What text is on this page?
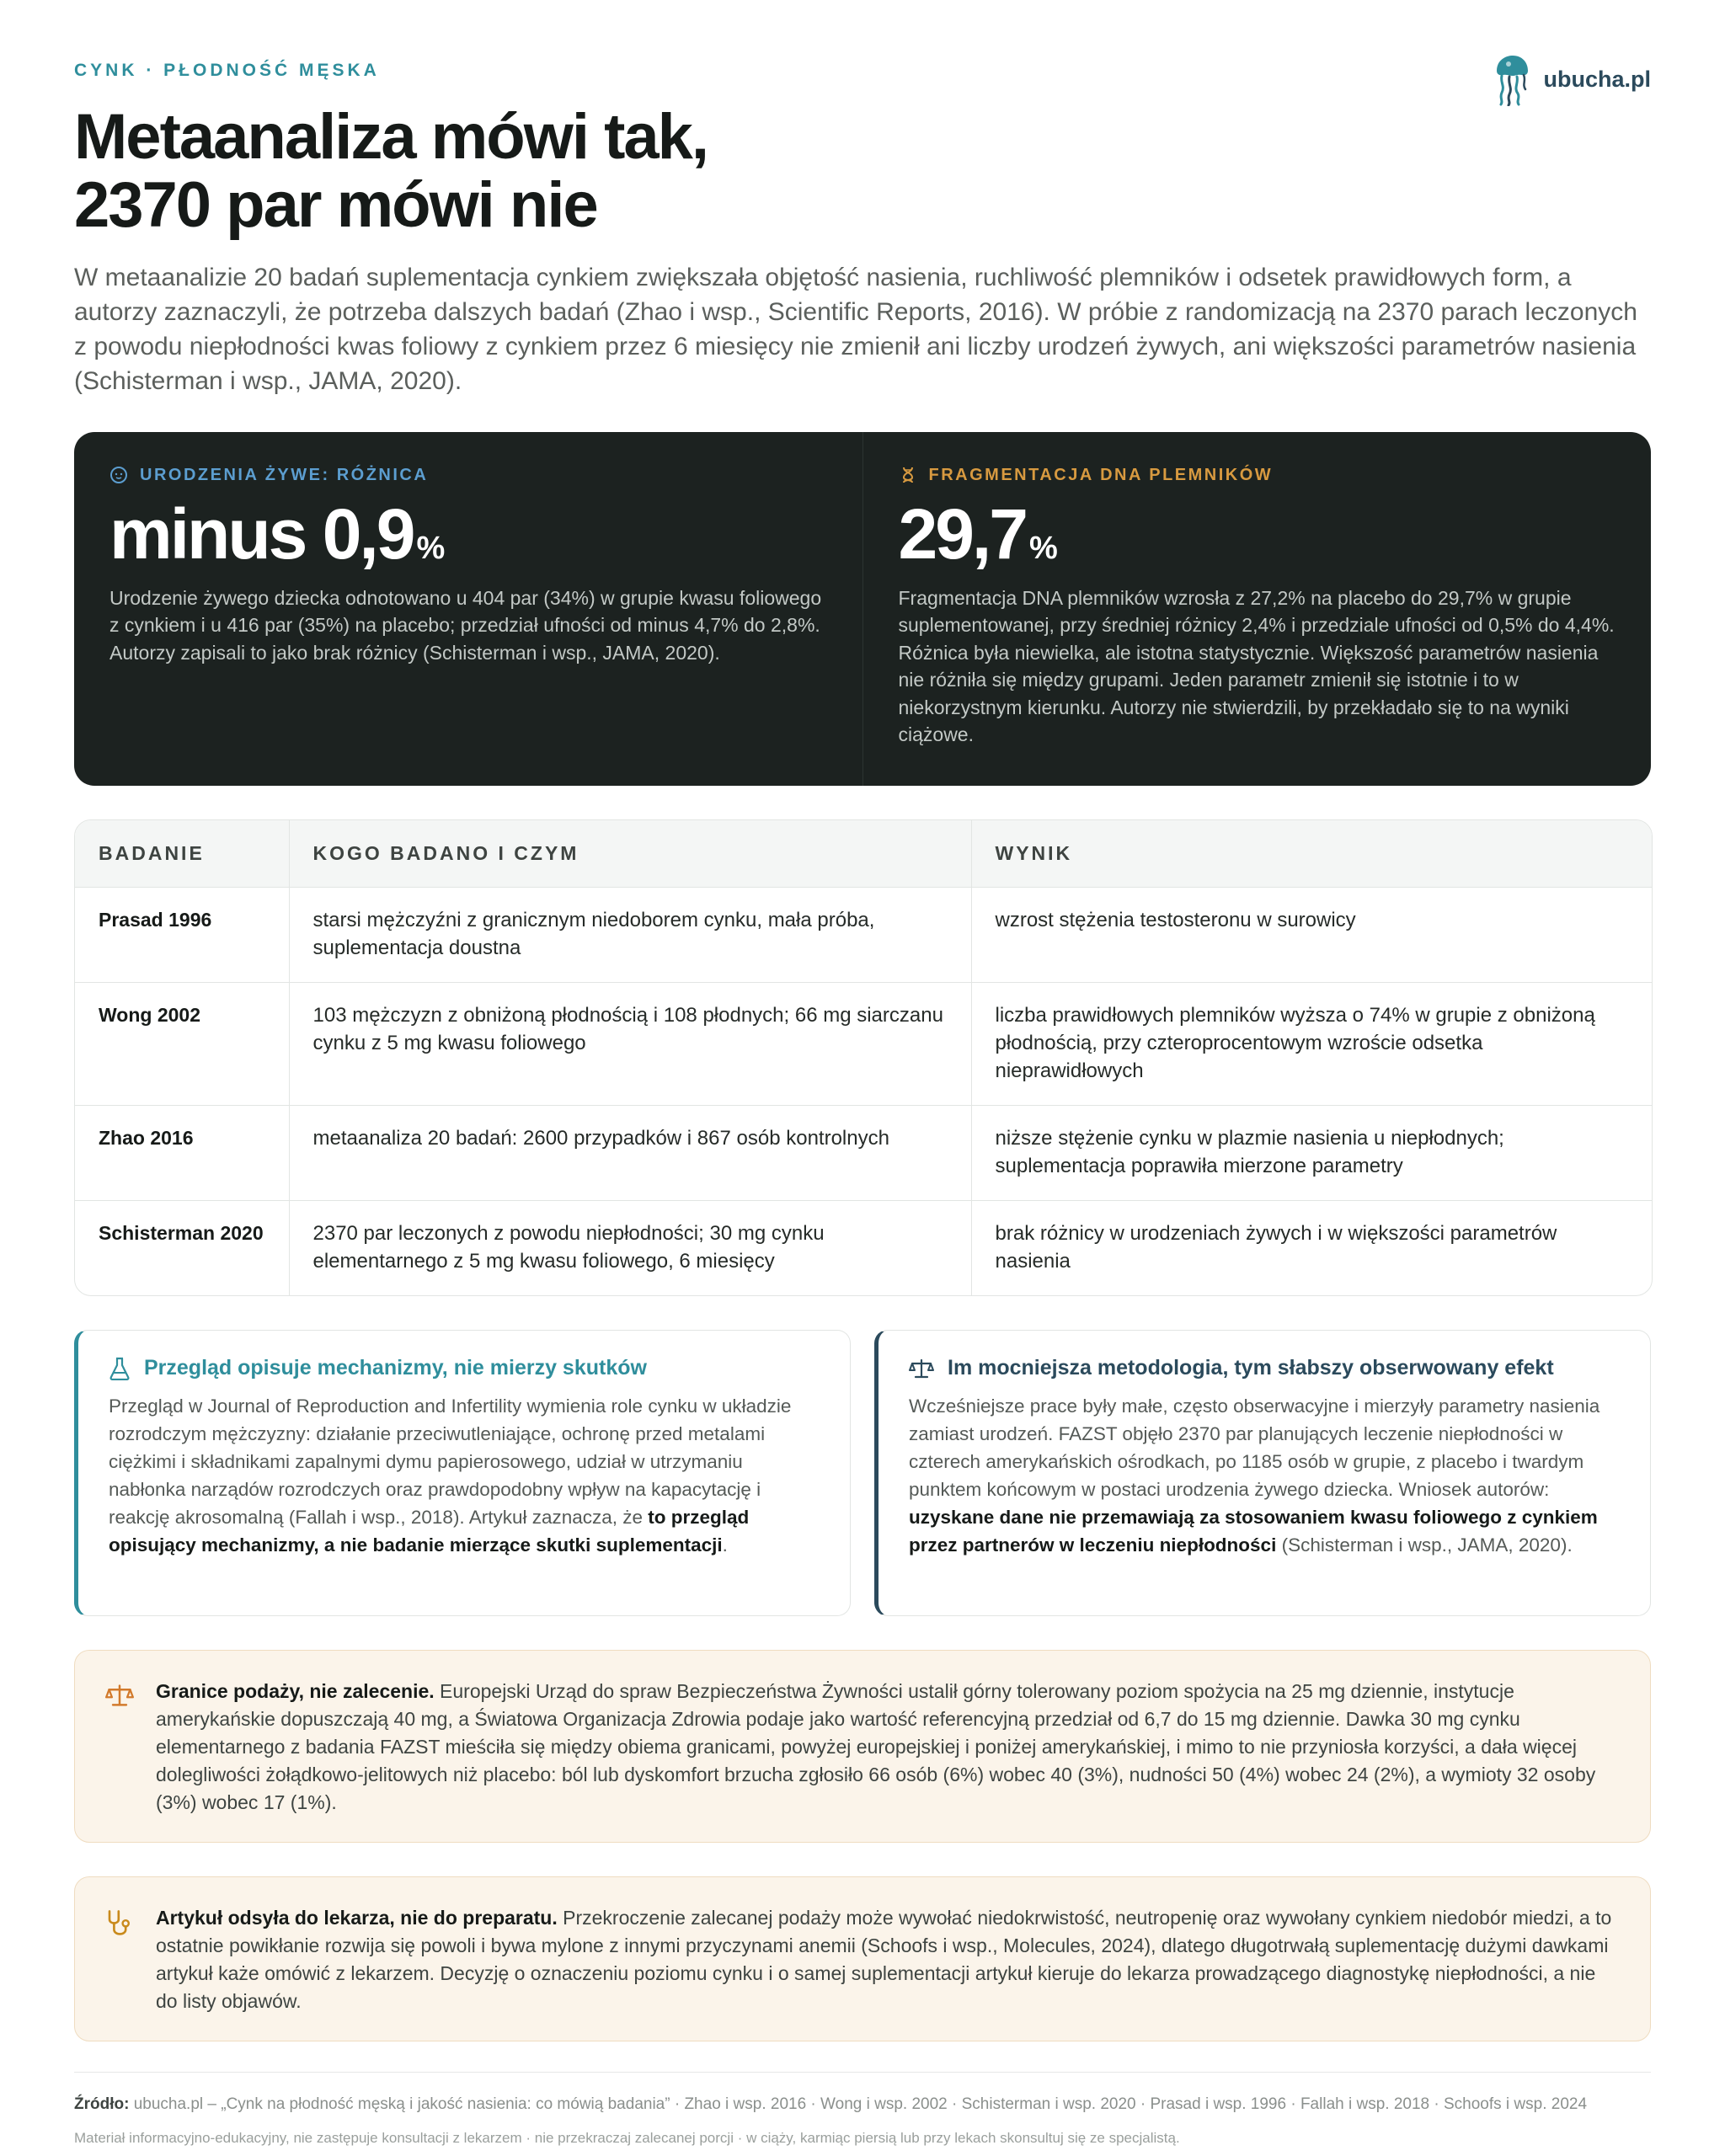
ubucha.pl

CYNK · PŁODNOŚĆ MĘSKA

Metaanaliza mówi tak,
2370 par mówi nie

W metaanalizie 20 badań suplementacja cynkiem zwiększała objętość nasienia, ruchliwość plemników i odsetek prawidłowych form, a autorzy zaznaczyli, że potrzeba dalszych badań (Zhao i wsp., Scientific Reports, 2016). W próbie z randomizacją na 2370 parach leczonych z powodu niepłodności kwas foliowy z cynkiem przez 6 miesięcy nie zmienił ani liczby urodzeń żywych, ani większości parametrów nasienia (Schisterman i wsp., JAMA, 2020).

URODZENIA ŻYWE: RÓŻNICA
minus 0,9 %
Urodzenie żywego dziecka odnotowano u 404 par (34%) w grupie kwasu foliowego z cynkiem i u 416 par (35%) na placebo; przedział ufności od minus 4,7% do 2,8%. Autorzy zapisali to jako brak różnicy (Schisterman i wsp., JAMA, 2020).
FRAGMENTACJA DNA PLEMNIKÓW
29,7 %
Fragmentacja DNA plemników wzrosła z 27,2% na placebo do 29,7% w grupie suplementowanej, przy średniej różnicy 2,4% i przedziale ufności od 0,5% do 4,4%. Różnica była niewielka, ale istotna statystycznie. Większość parametrów nasienia nie różniła się między grupami. Jeden parametr zmienił się istotnie i to w niekorzystnym kierunku. Autorzy nie stwierdzili, by przekładało się to na wyniki ciążowe.
BADANIE	KOGO BADANO I CZYM	WYNIK
Prasad 1996	starsi mężczyźni z granicznym niedoborem cynku, mała próba, suplementacja doustna	wzrost stężenia testosteronu w surowicy
Wong 2002	103 mężczyzn z obniżoną płodnością i 108 płodnych; 66 mg siarczanu cynku z 5 mg kwasu foliowego	liczba prawidłowych plemników wyższa o 74% w grupie z obniżoną płodnością, przy czteroprocentowym wzroście odsetka nieprawidłowych
Zhao 2016	metaanaliza 20 badań: 2600 przypadków i 867 osób kontrolnych	niższe stężenie cynku w plazmie nasienia u niepłodnych; suplementacja poprawiła mierzone parametry
Schisterman 2020	2370 par leczonych z powodu niepłodności; 30 mg cynku elementarnego z 5 mg kwasu foliowego, 6 miesięcy	brak różnicy w urodzeniach żywych i w większości parametrów nasienia
Przegląd opisuje mechanizmy, nie mierzy skutków

Przegląd w Journal of Reproduction and Infertility wymienia role cynku w układzie rozrodczym mężczyzny: działanie przeciwutleniające, ochronę przed metalami ciężkimi i składnikami zapalnymi dymu papierosowego, udział w utrzymaniu nabłonka narządów rozrodczych oraz prawdopodobny wpływ na kapacytację i reakcję akrosomalną (Fallah i wsp., 2018). Artykuł zaznacza, że to przegląd opisujący mechanizmy, a nie badanie mierzące skutki suplementacji.

Im mocniejsza metodologia, tym słabszy obserwowany efekt

Wcześniejsze prace były małe, często obserwacyjne i mierzyły parametry nasienia zamiast urodzeń. FAZST objęło 2370 par planujących leczenie niepłodności w czterech amerykańskich ośrodkach, po 1185 osób w grupie, z placebo i twardym punktem końcowym w postaci urodzenia żywego dziecka. Wniosek autorów: uzyskane dane nie przemawiają za stosowaniem kwasu foliowego z cynkiem przez partnerów w leczeniu niepłodności (Schisterman i wsp., JAMA, 2020).

Granice podaży, nie zalecenie. Europejski Urząd do spraw Bezpieczeństwa Żywności ustalił górny tolerowany poziom spożycia na 25 mg dziennie, instytucje amerykańskie dopuszczają 40 mg, a Światowa Organizacja Zdrowia podaje jako wartość referencyjną przedział od 6,7 do 15 mg dziennie. Dawka 30 mg cynku elementarnego z badania FAZST mieściła się między obiema granicami, powyżej europejskiej i poniżej amerykańskiej, i mimo to nie przyniosła korzyści, a dała więcej dolegliwości żołądkowo-jelitowych niż placebo: ból lub dyskomfort brzucha zgłosiło 66 osób (6%) wobec 40 (3%), nudności 50 (4%) wobec 24 (2%), a wymioty 32 osoby (3%) wobec 17 (1%).
Artykuł odsyła do lekarza, nie do preparatu. Przekroczenie zalecanej podaży może wywołać niedokrwistość, neutropenię oraz wywołany cynkiem niedobór miedzi, a to ostatnie powikłanie rozwija się powoli i bywa mylone z innymi przyczynami anemii (Schoofs i wsp., Molecules, 2024), dlatego długotrwałą suplementację dużymi dawkami artykuł każe omówić z lekarzem. Decyzję o oznaczeniu poziomu cynku i o samej suplementacji artykuł kieruje do lekarza prowadzącego diagnostykę niepłodności, a nie do listy objawów.
Źródło: ubucha.pl – „Cynk na płodność męską i jakość nasienia: co mówią badania” · Zhao i wsp. 2016 · Wong i wsp. 2002 · Schisterman i wsp. 2020 · Prasad i wsp. 1996 · Fallah i wsp. 2018 · Schoofs i wsp. 2024
Materiał informacyjno-edukacyjny, nie zastępuje konsultacji z lekarzem · nie przekraczaj zalecanej porcji · w ciąży, karmiąc piersią lub przy lekach skonsultuj się ze specjalistą.
